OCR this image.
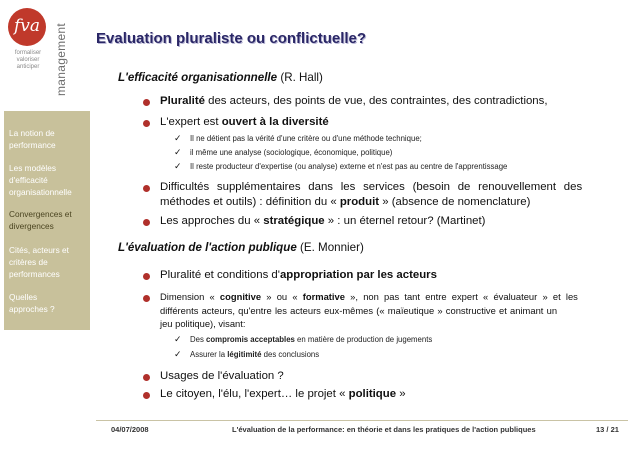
fva
formaliser
valoriser
anticiper	management Evaluation pluraliste ou conflictuelle?
La notion de
performance
Les modèles
d'efficacité
organisationnelle
Convergences et
divergences
Cités, acteurs et
critères de
performances
Quelles
approches ?
L'efficacité organisationnelle (R. Hall)
Pluralité des acteurs, des points de vue, des contraintes, des contradictions,
L'expert est ouvert à la diversité
✓ Il ne détient pas la vérité d'une critère ou d'une méthode technique;
✓ il même une analyse (sociologique, économique, politique)
✓ Il reste producteur d'expertise (ou analyse) externe et n'est pas au centre de l'apprentissage
Difficultés supplémentaires dans les services (besoin de renouvellement des
méthodes et outils) : définition du « produit » (absence de nomenclature)
Les approches du « stratégique » : un éternel retour? (Martinet)
L'évaluation de l'action publique (E. Monnier)
Pluralité et conditions d'appropriation par les acteurs
Dimension « cognitive » ou « formative », non pas tant entre expert « évaluateur » et les
différents acteurs, qu'entre les acteurs eux-mêmes (« maïeutique » constructive et animant un
jeu politique), visant:
✓ Des compromis acceptables en matière de production de jugements
✓ Assurer la légitimité des conclusions
Usages de l'évaluation ?
Le citoyen, l'élu, l'expert… le projet « politique »
04/07/2008	L'évaluation de la performance: en théorie et dans les pratiques de l'action publiques	13 / 21
